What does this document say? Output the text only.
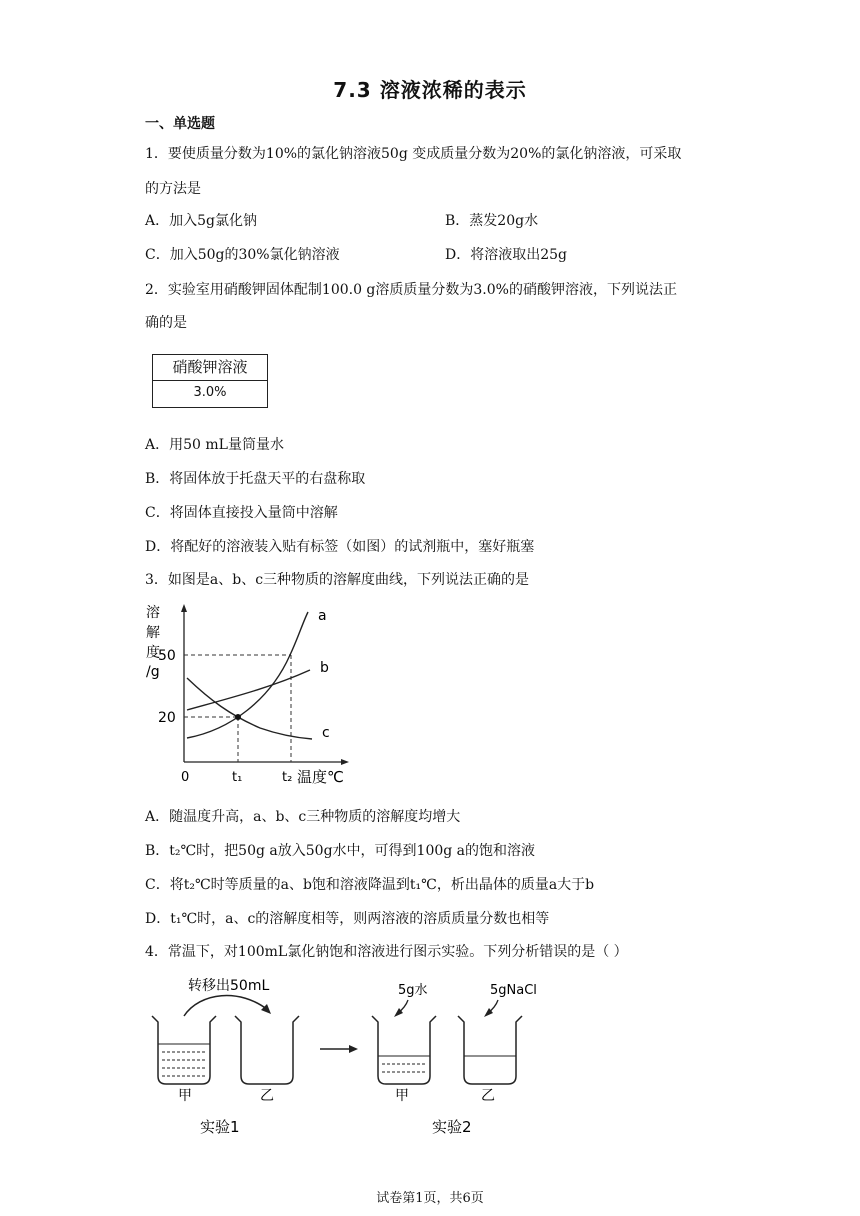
7.3 溶液浓稀的表示
一、单选题
1．要使质量分数为10%的氯化钠溶液50g 变成质量分数为20%的氯化钠溶液，可采取
的方法是
A．加入5g氯化钠	B．蒸发20g水
C．加入50g的30%氯化钠溶液	D．将溶液取出25g
2．实验室用硝酸钾固体配制100.0 g溶质质量分数为3.0%的硝酸钾溶液，下列说法正
确的是
硝酸钾溶液
3.0%
A．用50 mL量筒量水
B．将固体放于托盘天平的右盘称取
C．将固体直接投入量筒中溶解
D．将配好的溶液装入贴有标签（如图）的试剂瓶中，塞好瓶塞
3．如图是a、b、c三种物质的溶解度曲线，下列说法正确的是
溶
解
度
/g
a
b
c
50
20
0	t₁	t₂ 温度℃
A．随温度升高，a、b、c三种物质的溶解度均增大
B．t₂℃时，把50g a放入50g水中，可得到100g a的饱和溶液
C．将t₂℃时等质量的a、b饱和溶液降温到t₁℃，析出晶体的质量a大于b
D．t₁℃时，a、c的溶解度相等，则两溶液的溶质质量分数也相等
4．常温下，对100mL氯化钠饱和溶液进行图示实验。下列分析错误的是（ ）
转移出50mL
甲	乙
实验1
5g水	5gNaCl
甲	乙
实验2
试卷第1页，共6页
